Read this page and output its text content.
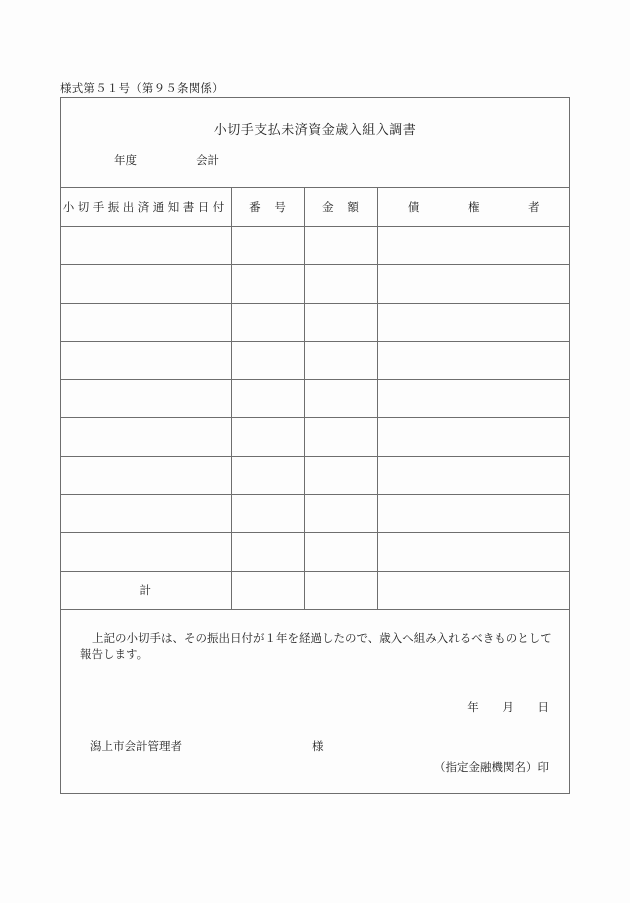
様式第５１号（第９５条関係）
小切手支払未済資金歳入組入調書
年度	会計
小切手振出済通知書日付	番 号	金 額	債 権 者

計			
上記の小切手は、その振出日付が１年を経過したので、歳入へ組み入れるべきものとして報告します。
年 月 日
潟上市会計管理者	様
（指定金融機関名）印
